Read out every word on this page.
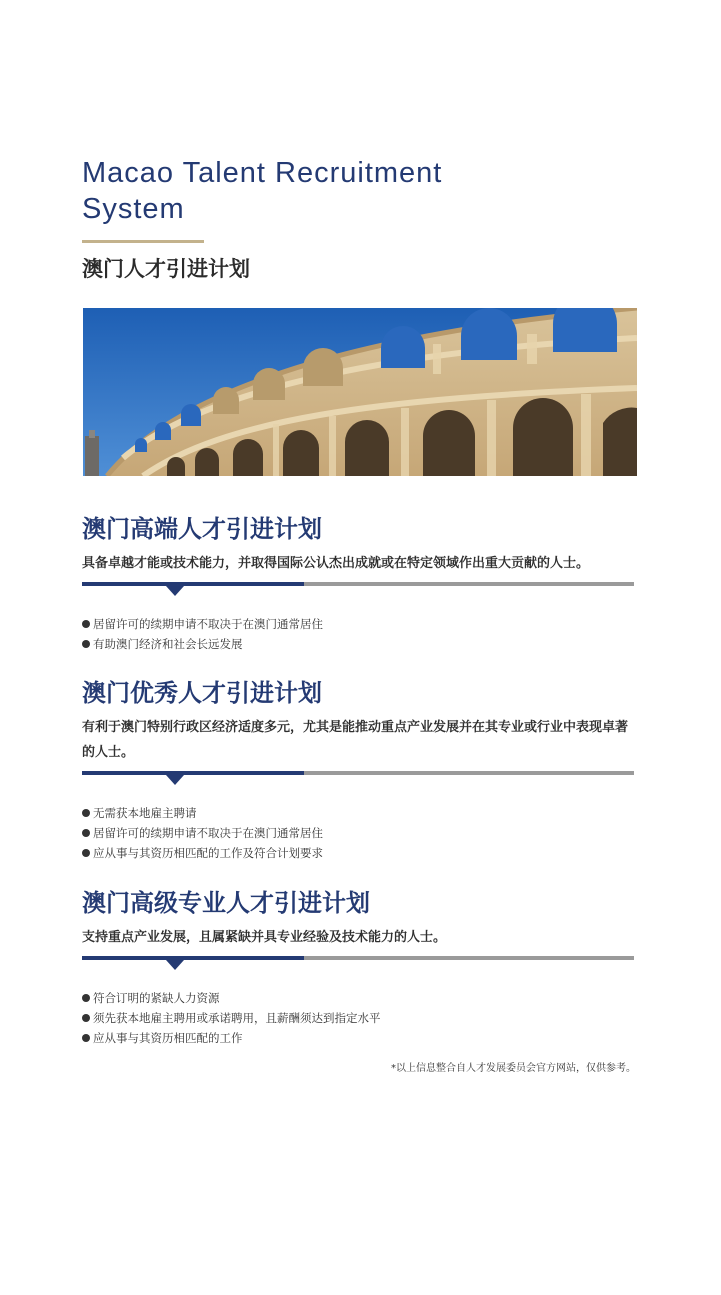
Macao Talent Recruitment
System
澳门人才引进计划
澳门高端人才引进计划

具备卓越才能或技术能力，并取得国际公认杰出成就或在特定领域作出重大贡献的人士。

居留许可的续期申请不取决于在澳门通常居住
有助澳门经济和社会长远发展
澳门优秀人才引进计划

有利于澳门特别行政区经济适度多元，尤其是能推动重点产业发展并在其专业或行业中表现卓著的人士。

无需获本地雇主聘请
居留许可的续期申请不取决于在澳门通常居住
应从事与其资历相匹配的工作及符合计划要求
澳门高级专业人才引进计划

支持重点产业发展，且属紧缺并具专业经验及技术能力的人士。

符合订明的紧缺人力资源
须先获本地雇主聘用或承诺聘用，且薪酬须达到指定水平
应从事与其资历相匹配的工作
*以上信息整合自人才发展委员会官方网站，仅供参考。
